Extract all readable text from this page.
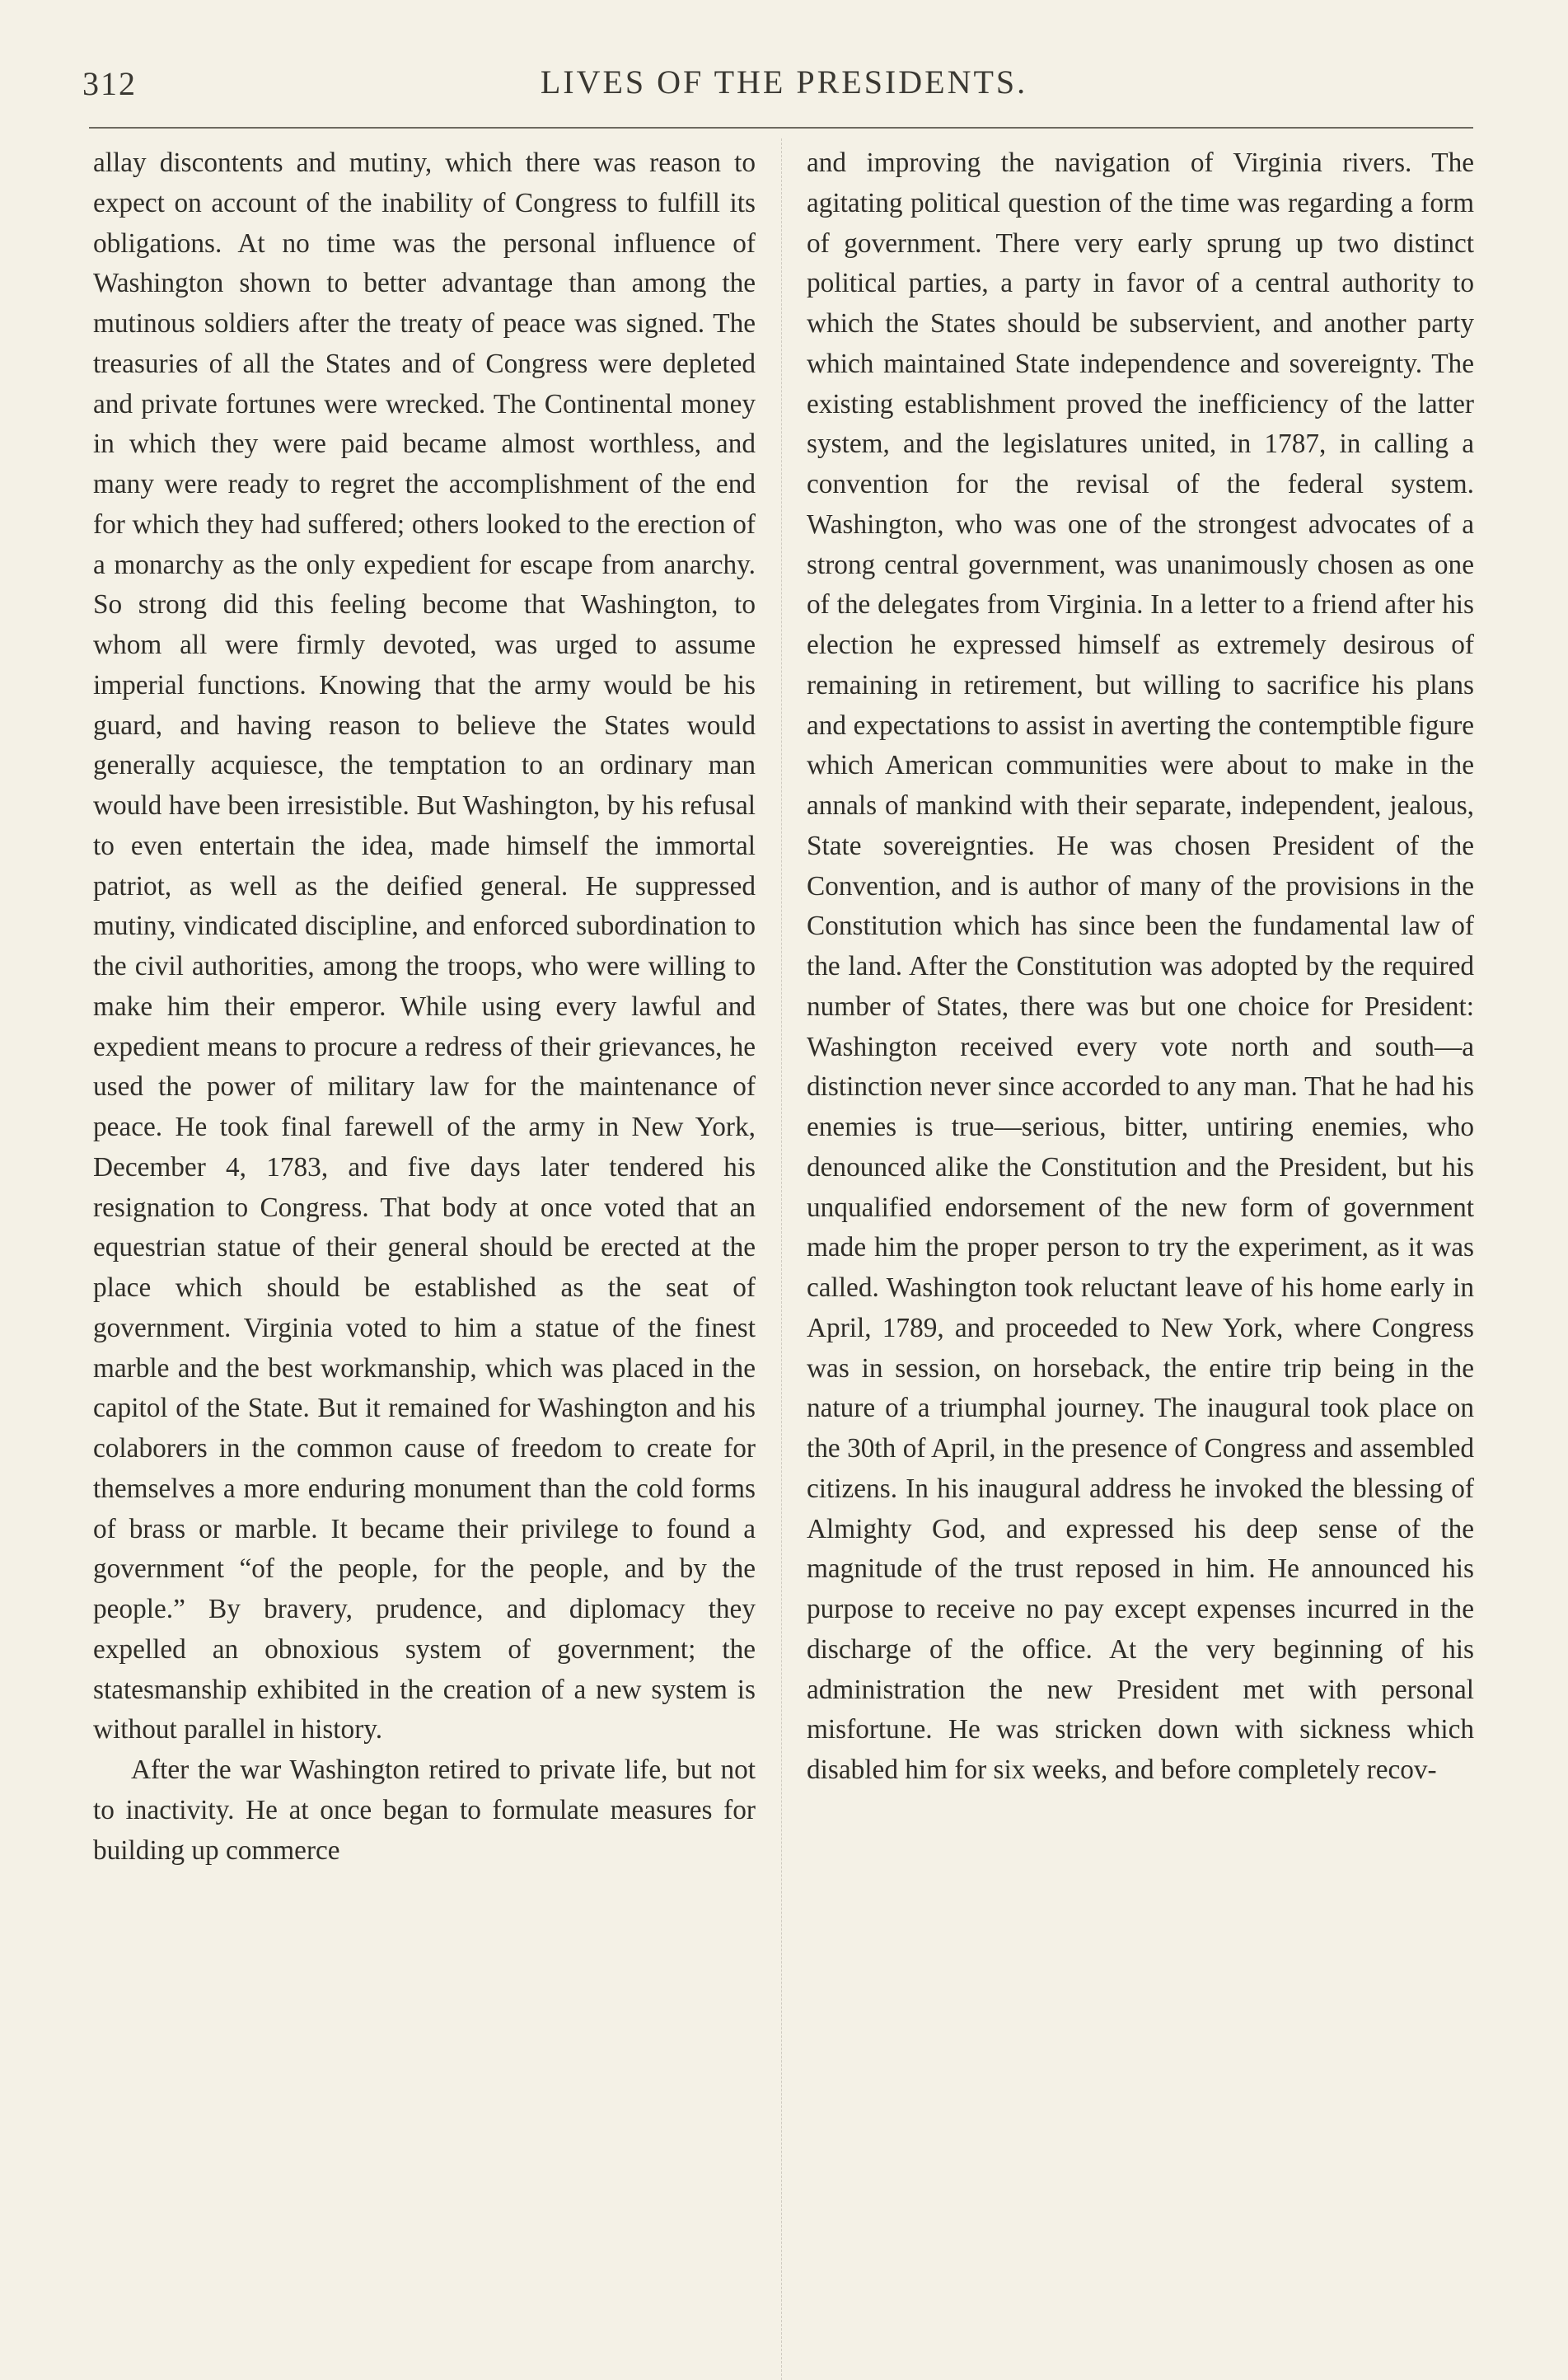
312	LIVES OF THE PRESIDENTS.

allay discontents and mutiny, which there was reason to expect on account of the inability of Congress to fulfill its obligations. At no time was the personal influence of Washington shown to better advantage than among the mutinous soldiers after the treaty of peace was signed. The treasuries of all the States and of Congress were depleted and private fortunes were wrecked. The Continental money in which they were paid became almost worthless, and many were ready to regret the accomplishment of the end for which they had suffered; others looked to the erection of a monarchy as the only expedient for escape from anarchy. So strong did this feeling become that Washington, to whom all were firmly devoted, was urged to assume imperial functions. Knowing that the army would be his guard, and having reason to believe the States would generally acquiesce, the temptation to an ordinary man would have been irresistible. But Washington, by his refusal to even entertain the idea, made himself the immortal patriot, as well as the deified general. He suppressed mutiny, vindicated discipline, and enforced subordination to the civil authorities, among the troops, who were willing to make him their emperor. While using every lawful and expedient means to procure a redress of their grievances, he used the power of military law for the maintenance of peace. He took final farewell of the army in New York, December 4, 1783, and five days later tendered his resignation to Congress. That body at once voted that an equestrian statue of their general should be erected at the place which should be established as the seat of government. Virginia voted to him a statue of the finest marble and the best workmanship, which was placed in the capitol of the State. But it remained for Washington and his colaborers in the common cause of freedom to create for themselves a more enduring monument than the cold forms of brass or marble. It became their privilege to found a government “of the people, for the people, and by the people.” By bravery, prudence, and diplomacy they expelled an obnoxious system of government; the statesmanship exhibited in the creation of a new system is without parallel in history.

After the war Washington retired to private life, but not to inactivity. He at once began to formulate measures for building up commerce

and improving the navigation of Virginia rivers. The agitating political question of the time was regarding a form of government. There very early sprung up two distinct political parties, a party in favor of a central authority to which the States should be subservient, and another party which maintained State independence and sovereignty. The existing establishment proved the inefficiency of the latter system, and the legislatures united, in 1787, in calling a convention for the revisal of the federal system. Washington, who was one of the strongest advocates of a strong central government, was unanimously chosen as one of the delegates from Virginia. In a letter to a friend after his election he expressed himself as extremely desirous of remaining in retirement, but willing to sacrifice his plans and expectations to assist in averting the contemptible figure which American communities were about to make in the annals of mankind with their separate, independent, jealous, State sovereignties. He was chosen President of the Convention, and is author of many of the provisions in the Constitution which has since been the fundamental law of the land. After the Constitution was adopted by the required number of States, there was but one choice for President: Washington received every vote north and south—a distinction never since accorded to any man. That he had his enemies is true—serious, bitter, untiring enemies, who denounced alike the Constitution and the President, but his unqualified endorsement of the new form of government made him the proper person to try the experiment, as it was called. Washington took reluctant leave of his home early in April, 1789, and proceeded to New York, where Congress was in session, on horseback, the entire trip being in the nature of a triumphal journey. The inaugural took place on the 30th of April, in the presence of Congress and assembled citizens. In his inaugural address he invoked the blessing of Almighty God, and expressed his deep sense of the magnitude of the trust reposed in him. He announced his purpose to receive no pay except expenses incurred in the discharge of the office. At the very beginning of his administration the new President met with personal misfortune. He was stricken down with sickness which disabled him for six weeks, and before completely recov-
